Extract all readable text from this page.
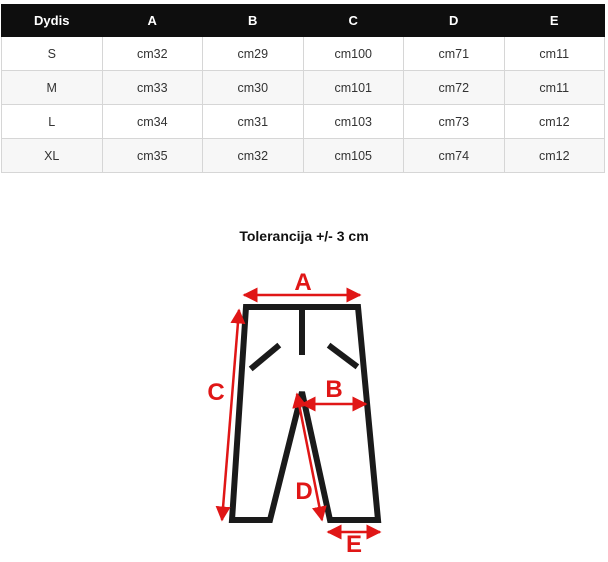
Dydis	A	B	C	D	E
S	cm32	cm29	cm100	cm71	cm11
M	cm33	cm30	cm101	cm72	cm11
L	cm34	cm31	cm103	cm73	cm12
XL	cm35	cm32	cm105	cm74	cm12
Tolerancija +/- 3 cm
A
B
C
D
E
